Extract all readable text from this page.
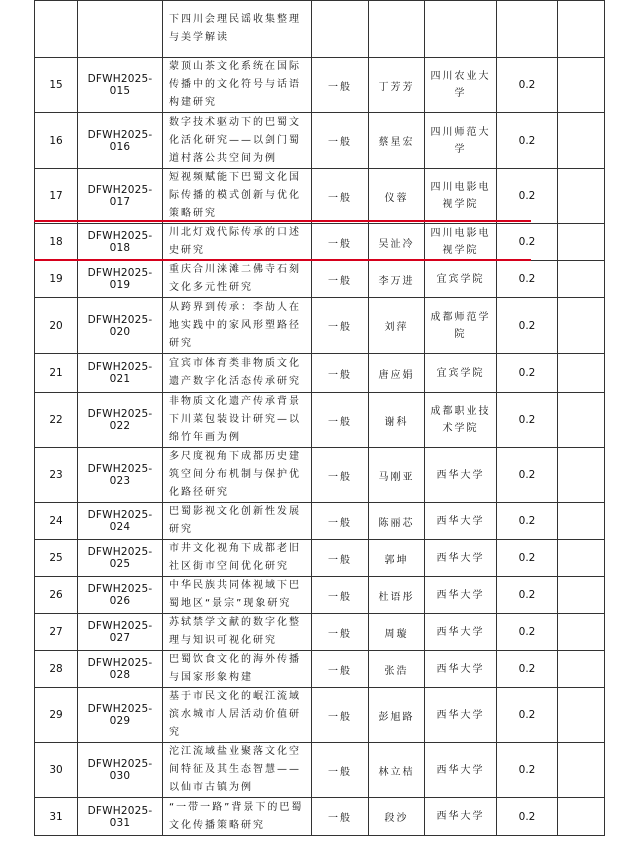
		下四川会理民谣收集整理与美学解读					
15	DFWH2025-015	蒙顶山茶文化系统在国际传播中的文化符号与话语构建研究	一般	丁芳芳	四川农业大学	0.2	
16	DFWH2025-016	数字技术驱动下的巴蜀文化活化研究——以剑门蜀道村落公共空间为例	一般	蔡星宏	四川师范大学	0.2	
17	DFWH2025-017	短视频赋能下巴蜀文化国际传播的模式创新与优化策略研究	一般	仪蓉	四川电影电视学院	0.2	
18	DFWH2025-018	川北灯戏代际传承的口述史研究	一般	吴沚冷	四川电影电视学院	0.2	
19	DFWH2025-019	重庆合川涞滩二佛寺石刻文化多元性研究	一般	李万进	宜宾学院	0.2	
20	DFWH2025-020	从跨界到传承：李劼人在地实践中的家风形塑路径研究	一般	刘萍	成都师范学院	0.2	
21	DFWH2025-021	宜宾市体育类非物质文化遗产数字化活态传承研究	一般	唐应娟	宜宾学院	0.2	
22	DFWH2025-022	非物质文化遗产传承背景下川菜包装设计研究—以绵竹年画为例	一般	谢科	成都职业技术学院	0.2	
23	DFWH2025-023	多尺度视角下成都历史建筑空间分布机制与保护优化路径研究	一般	马刚亚	西华大学	0.2	
24	DFWH2025-024	巴蜀影视文化创新性发展研究	一般	陈丽芯	西华大学	0.2	
25	DFWH2025-025	市井文化视角下成都老旧社区街市空间优化研究	一般	郭坤	西华大学	0.2	
26	DFWH2025-026	中华民族共同体视域下巴蜀地区“景宗”现象研究	一般	杜语彤	西华大学	0.2	
27	DFWH2025-027	苏轼禁学文献的数字化整理与知识可视化研究	一般	周璇	西华大学	0.2	
28	DFWH2025-028	巴蜀饮食文化的海外传播与国家形象构建	一般	张浩	西华大学	0.2	
29	DFWH2025-029	基于市民文化的岷江流域滨水城市人居活动价值研究	一般	彭旭路	西华大学	0.2	
30	DFWH2025-030	沱江流域盐业聚落文化空间特征及其生态智慧——以仙市古镇为例	一般	林立桔	西华大学	0.2	
31	DFWH2025-031	“一带一路”背景下的巴蜀文化传播策略研究	一般	段沙	西华大学	0.2	
